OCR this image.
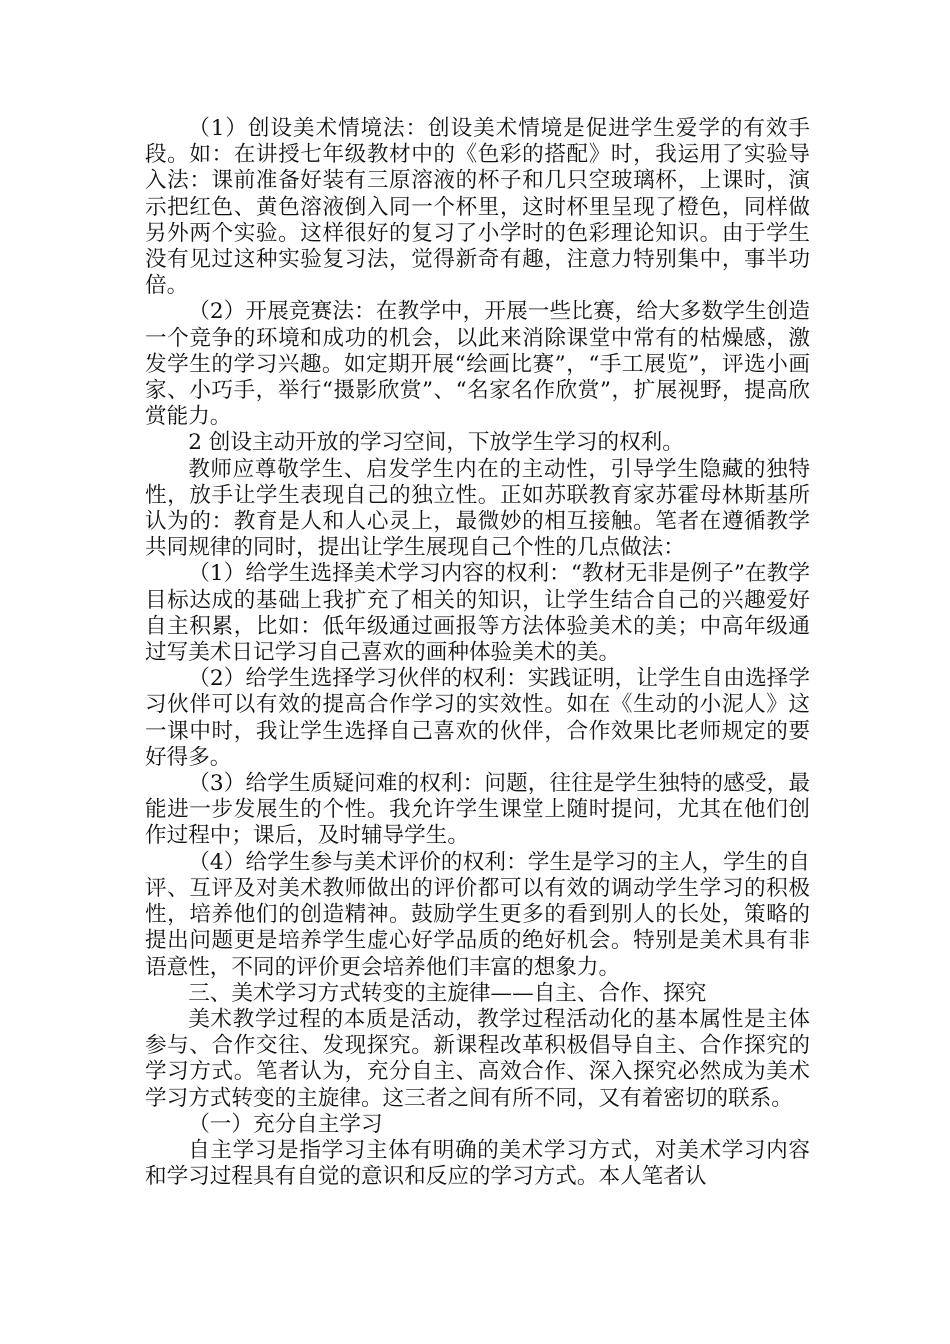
（1）创设美术情境法：创设美术情境是促进学生爱学的有效手段。如：在讲授七年级教材中的《色彩的搭配》时，我运用了实验导入法：课前准备好装有三原溶液的杯子和几只空玻璃杯，上课时，演示把红色、黄色溶液倒入同一个杯里，这时杯里呈现了橙色，同样做另外两个实验。这样很好的复习了小学时的色彩理论知识。由于学生没有见过这种实验复习法，觉得新奇有趣，注意力特别集中，事半功倍。

（2）开展竞赛法：在教学中，开展一些比赛，给大多数学生创造一个竞争的环境和成功的机会，以此来消除课堂中常有的枯燥感，激发学生的学习兴趣。如定期开展“绘画比赛”，“手工展览”，评选小画家、小巧手，举行“摄影欣赏”、“名家名作欣赏”，扩展视野，提高欣赏能力。

2 创设主动开放的学习空间，下放学生学习的权利。

教师应尊敬学生、启发学生内在的主动性，引导学生隐藏的独特性，放手让学生表现自己的独立性。正如苏联教育家苏霍母林斯基所认为的：教育是人和人心灵上，最微妙的相互接触。笔者在遵循教学共同规律的同时，提出让学生展现自己个性的几点做法：

（1）给学生选择美术学习内容的权利：“教材无非是例子”在教学目标达成的基础上我扩充了相关的知识，让学生结合自己的兴趣爱好自主积累，比如：低年级通过画报等方法体验美术的美；中高年级通过写美术日记学习自己喜欢的画种体验美术的美。

（2）给学生选择学习伙伴的权利：实践证明，让学生自由选择学习伙伴可以有效的提高合作学习的实效性。如在《生动的小泥人》这一课中时，我让学生选择自己喜欢的伙伴，合作效果比老师规定的要好得多。

（3）给学生质疑问难的权利：问题，往往是学生独特的感受，最能进一步发展生的个性。我允许学生课堂上随时提问，尤其在他们创作过程中；课后，及时辅导学生。

（4）给学生参与美术评价的权利：学生是学习的主人，学生的自评、互评及对美术教师做出的评价都可以有效的调动学生学习的积极性，培养他们的创造精神。鼓励学生更多的看到别人的长处，策略的提出问题更是培养学生虚心好学品质的绝好机会。特别是美术具有非语意性，不同的评价更会培养他们丰富的想象力。

三、美术学习方式转变的主旋律——自主、合作、探究

美术教学过程的本质是活动，教学过程活动化的基本属性是主体参与、合作交往、发现探究。新课程改革积极倡导自主、合作探究的学习方式。笔者认为，充分自主、高效合作、深入探究必然成为美术学习方式转变的主旋律。这三者之间有所不同，又有着密切的联系。

（一）充分自主学习

自主学习是指学习主体有明确的美术学习方式，对美术学习内容和学习过程具有自觉的意识和反应的学习方式。本人笔者认
